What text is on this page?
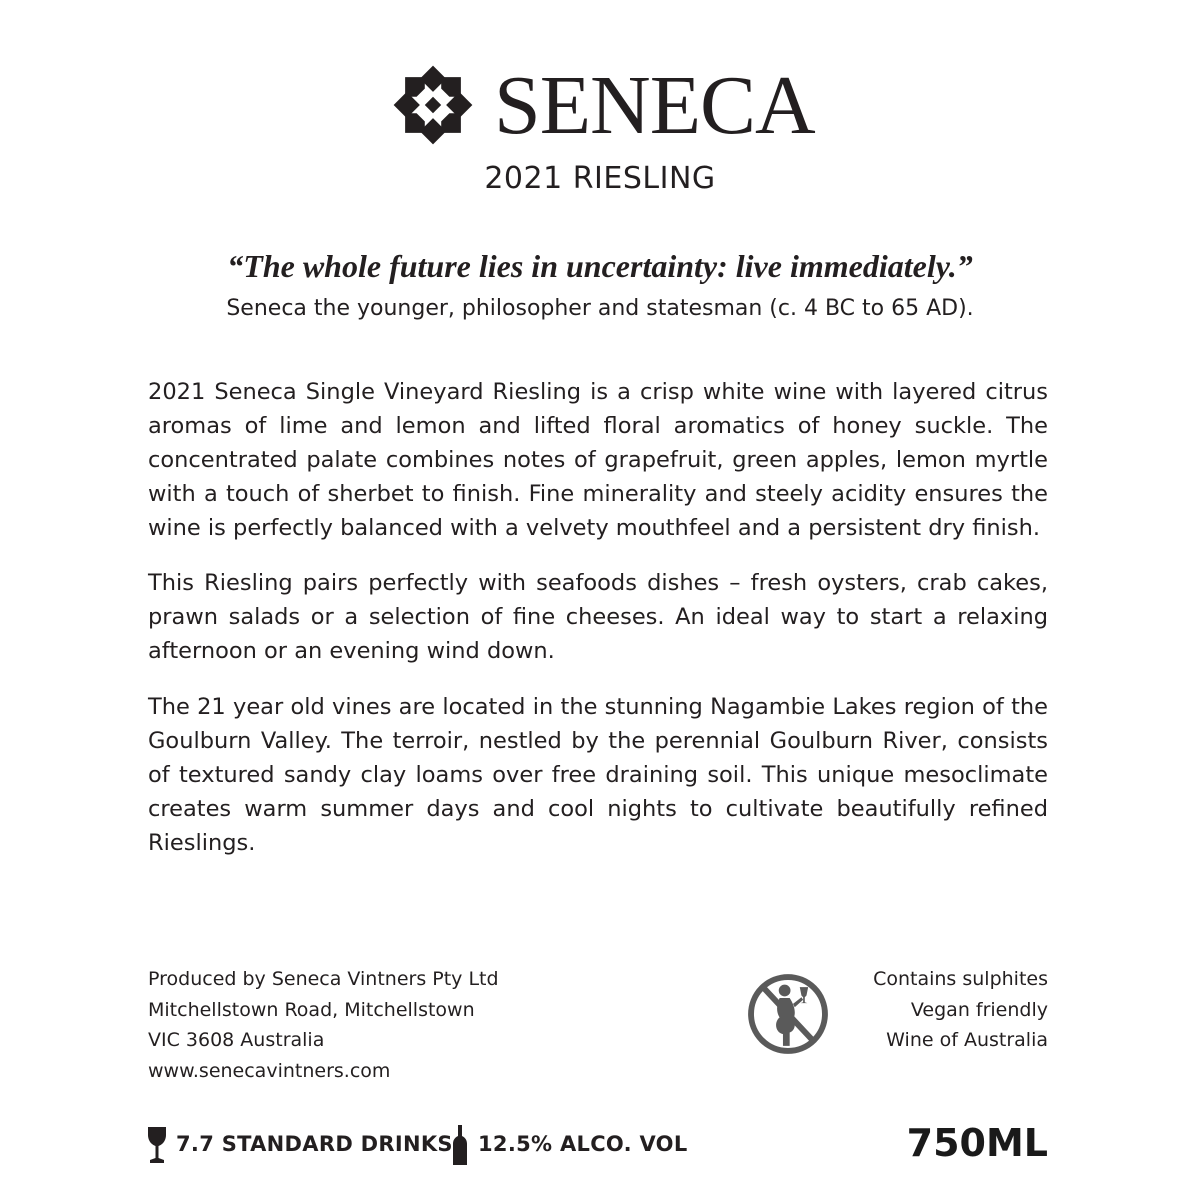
SENECA
2021 RIESLING
“The whole future lies in uncertainty: live immediately.”
Seneca the younger, philosopher and statesman (c. 4 BC to 65 AD).
2021 Seneca Single Vineyard Riesling is a crisp white wine with layered citrus aromas of lime and lemon and lifted floral aromatics of honey suckle. The concentrated palate combines notes of grapefruit, green apples, lemon myrtle with a touch of sherbet to finish. Fine minerality and steely acidity ensures the wine is perfectly balanced with a velvety mouthfeel and a persistent dry finish.
This Riesling pairs perfectly with seafoods dishes – fresh oysters, crab cakes, prawn salads or a selection of fine cheeses. An ideal way to start a relaxing afternoon or an evening wind down.
The 21 year old vines are located in the stunning Nagambie Lakes region of the Goulburn Valley. The terroir, nestled by the perennial Goulburn River, consists of textured sandy clay loams over free draining soil. This unique mesoclimate creates warm summer days and cool nights to cultivate beautifully refined Rieslings.
Produced by Seneca Vintners Pty Ltd
Mitchellstown Road, Mitchellstown
VIC 3608 Australia
www.senecavintners.com
Contains sulphites
Vegan friendly
Wine of Australia
7.7 STANDARD DRINKS 12.5% ALCO. VOL	750ML
